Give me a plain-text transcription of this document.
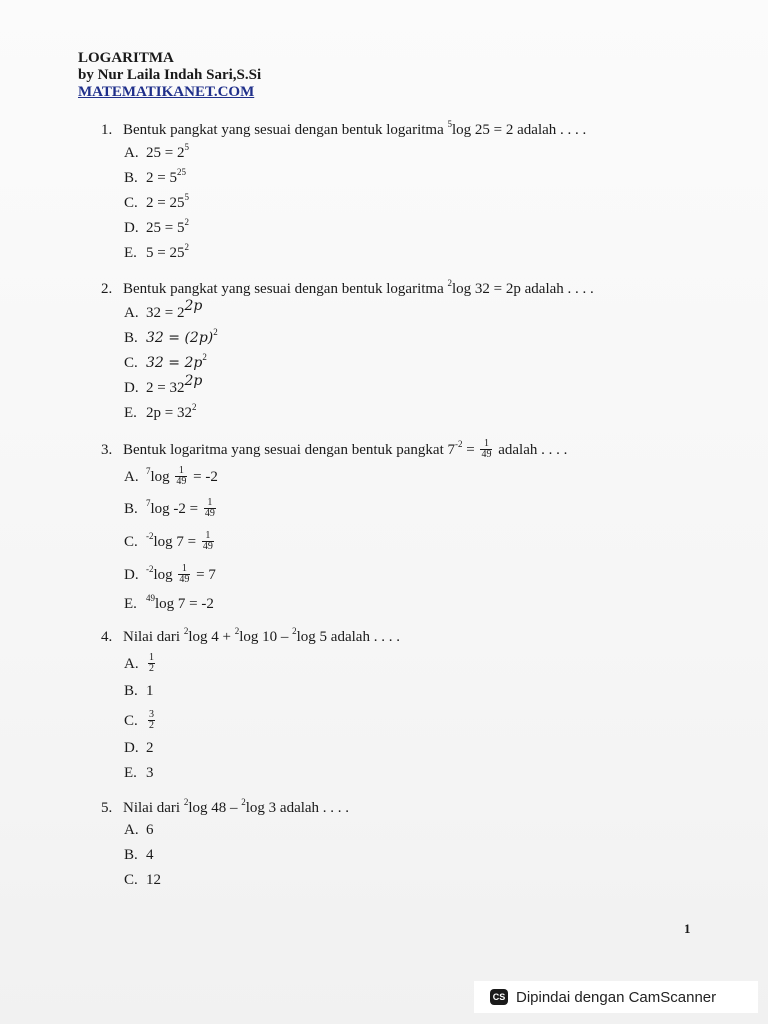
LOGARITMA
by Nur Laila Indah Sari,S.Si
MATEMATIKANET.COM
1. Bentuk pangkat yang sesuai dengan bentuk logaritma $^5$log 25 = 2 adalah . . . .
A. $25 = 2^5$
B. $2 = 5^{25}$
C. $2 = 25^5$
D. $25 = 5^2$
E. $5 = 25^2$
2. Bentuk pangkat yang sesuai dengan bentuk logaritma $^2$log 32 = 2p adalah . . . .
A. $32 = 2^{2p}$
B. $32 = (2p)^2$
C. $32 = 2p^2$
D. $2 = 32^{2p}$
E. $2p = 32^2$
3. Bentuk logaritma yang sesuai dengan bentuk pangkat $7^{-2} = \frac{1}{49}$ adalah . . . .
A. $^7\log \frac{1}{49} = -2$
B. $^7$log $-2 = \frac{1}{49}$
C. $^{-2}$log $7 = \frac{1}{49}$
D. $^{-2}\log \frac{1}{49} = 7$
E. $^{49}$log 7 = -2
4. Nilai dari $^2$log 4 + $^2$log 10 – $^2$log 5 adalah . . . .
A. $\frac{1}{2}$
B. 1
C. $\frac{3}{2}$
D. 2
E. 3
5. Nilai dari $^2$log 48 – $^2$log 3 adalah . . . .
A. 6
B. 4
C. 12
1
CS Dipindai dengan CamScanner
